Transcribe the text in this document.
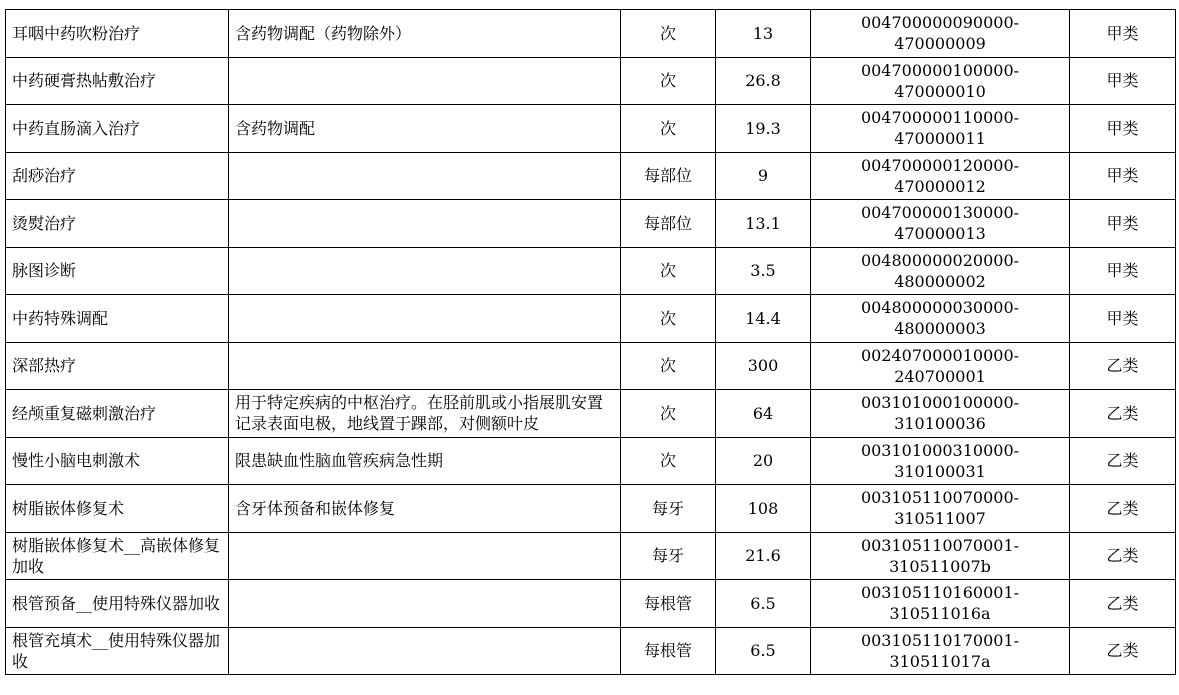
耳咽中药吹粉治疗	含药物调配（药物除外）	次	13	004700000090000-470000009	甲类
中药硬膏热帖敷治疗		次	26.8	004700000100000-470000010	甲类
中药直肠滴入治疗	含药物调配	次	19.3	004700000110000-470000011	甲类
刮痧治疗		每部位	9	004700000120000-470000012	甲类
烫熨治疗		每部位	13.1	004700000130000-470000013	甲类
脉图诊断		次	3.5	004800000020000-480000002	甲类
中药特殊调配		次	14.4	004800000030000-480000003	甲类
深部热疗		次	300	002407000010000-240700001	乙类
经颅重复磁刺激治疗	用于特定疾病的中枢治疗。在胫前肌或小指展肌安置记录表面电极，地线置于踝部，对侧额叶皮	次	64	003101000100000-310100036	乙类
慢性小脑电刺激术	限患缺血性脑血管疾病急性期	次	20	003101000310000-310100031	乙类
树脂嵌体修复术	含牙体预备和嵌体修复	每牙	108	003105110070000-310511007	乙类
树脂嵌体修复术__高嵌体修复加收		每牙	21.6	003105110070001-310511007b	乙类
根管预备__使用特殊仪器加收		每根管	6.5	003105110160001-310511016a	乙类
根管充填术__使用特殊仪器加收		每根管	6.5	003105110170001-310511017a	乙类
